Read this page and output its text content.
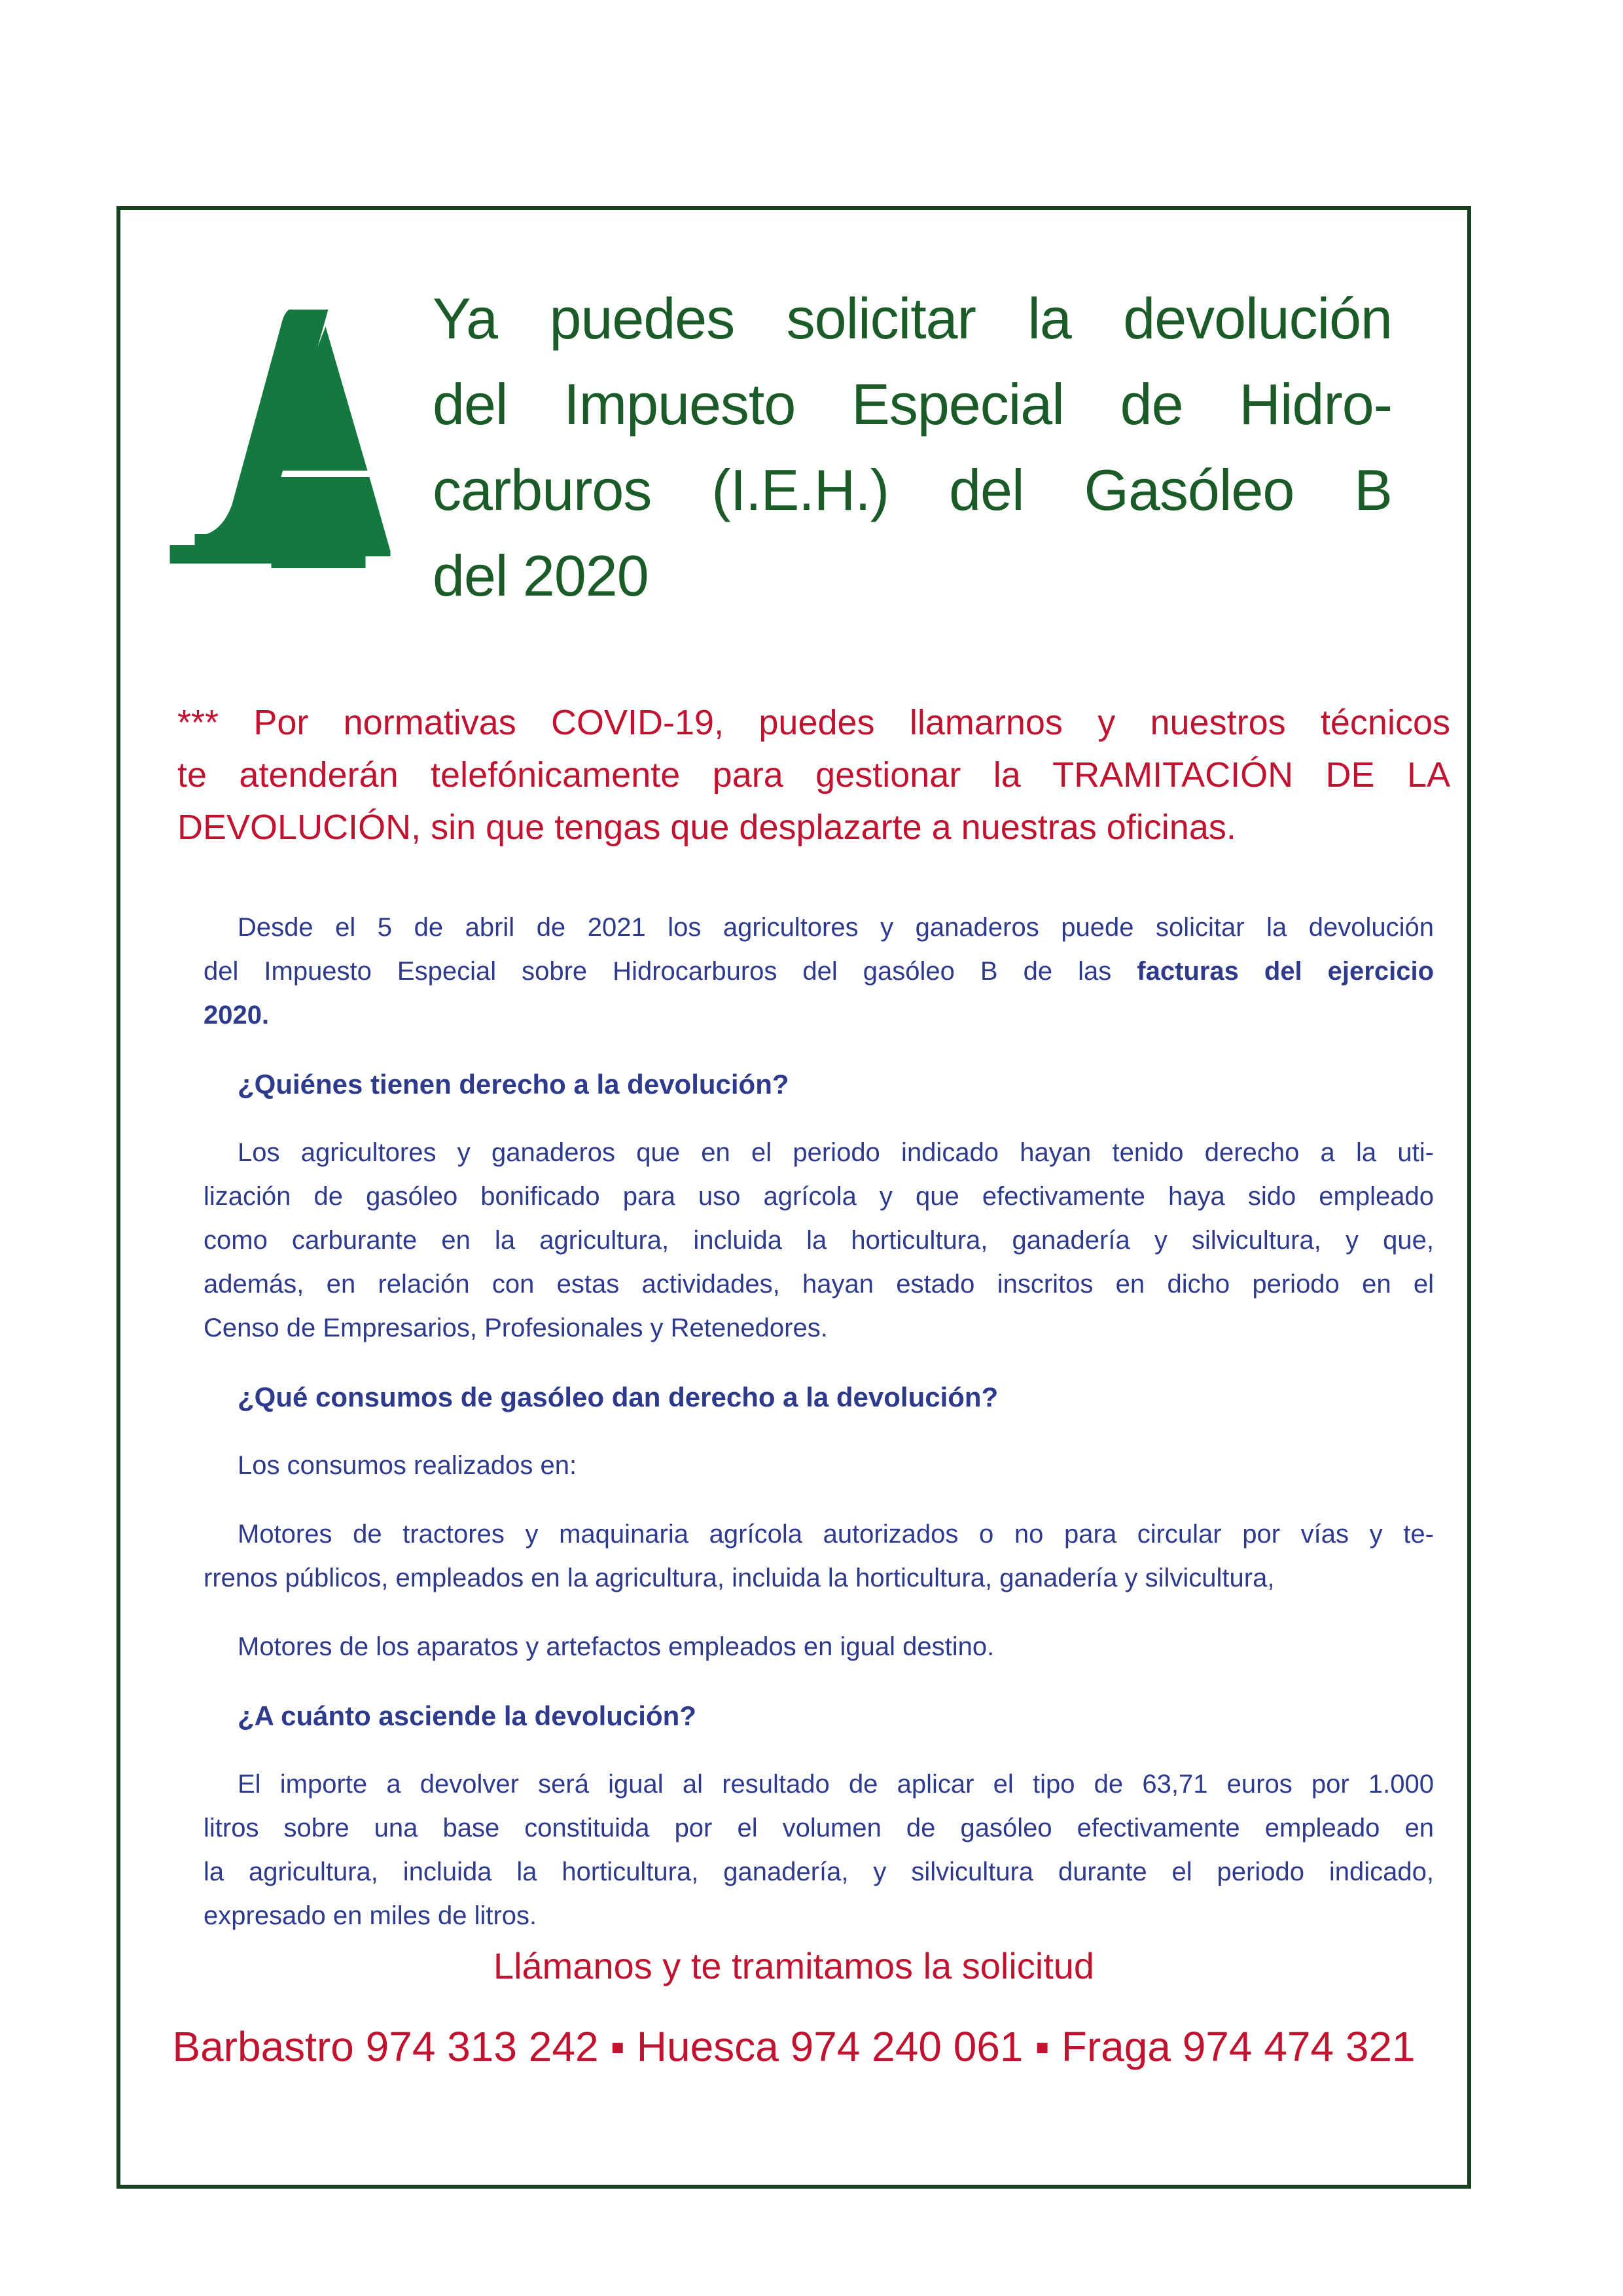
Ya puedes solicitar la devolución
del Impuesto Especial de Hidro-
carburos (I.E.H.) del Gasóleo B
del 2020
*** Por normativas COVID-19, puedes llamarnos y nuestros técnicos
te atenderán telefónicamente para gestionar la TRAMITACIÓN DE LA
DEVOLUCIÓN, sin que tengas que desplazarte a nuestras oficinas.
Desde el 5 de abril de 2021 los agricultores y ganaderos puede solicitar la devolución
del Impuesto Especial sobre Hidrocarburos del gasóleo B de las facturas del ejercicio
2020.
¿Quiénes tienen derecho a la devolución?
Los agricultores y ganaderos que en el periodo indicado hayan tenido derecho a la uti-
lización de gasóleo bonificado para uso agrícola y que efectivamente haya sido empleado
como carburante en la agricultura, incluida la horticultura, ganadería y silvicultura, y que,
además, en relación con estas actividades, hayan estado inscritos en dicho periodo en el
Censo de Empresarios, Profesionales y Retenedores.
¿Qué consumos de gasóleo dan derecho a la devolución?
Los consumos realizados en:
Motores de tractores y maquinaria agrícola autorizados o no para circular por vías y te-
rrenos públicos, empleados en la agricultura, incluida la horticultura, ganadería y silvicultura,
Motores de los aparatos y artefactos empleados en igual destino.
¿A cuánto asciende la devolución?
El importe a devolver será igual al resultado de aplicar el tipo de 63,71 euros por 1.000
litros sobre una base constituida por el volumen de gasóleo efectivamente empleado en
la agricultura, incluida la horticultura, ganadería, y silvicultura durante el periodo indicado,
expresado en miles de litros.
Llámanos y te tramitamos la solicitud
Barbastro 974 313 242 ▪ Huesca 974 240 061 ▪ Fraga 974 474 321
